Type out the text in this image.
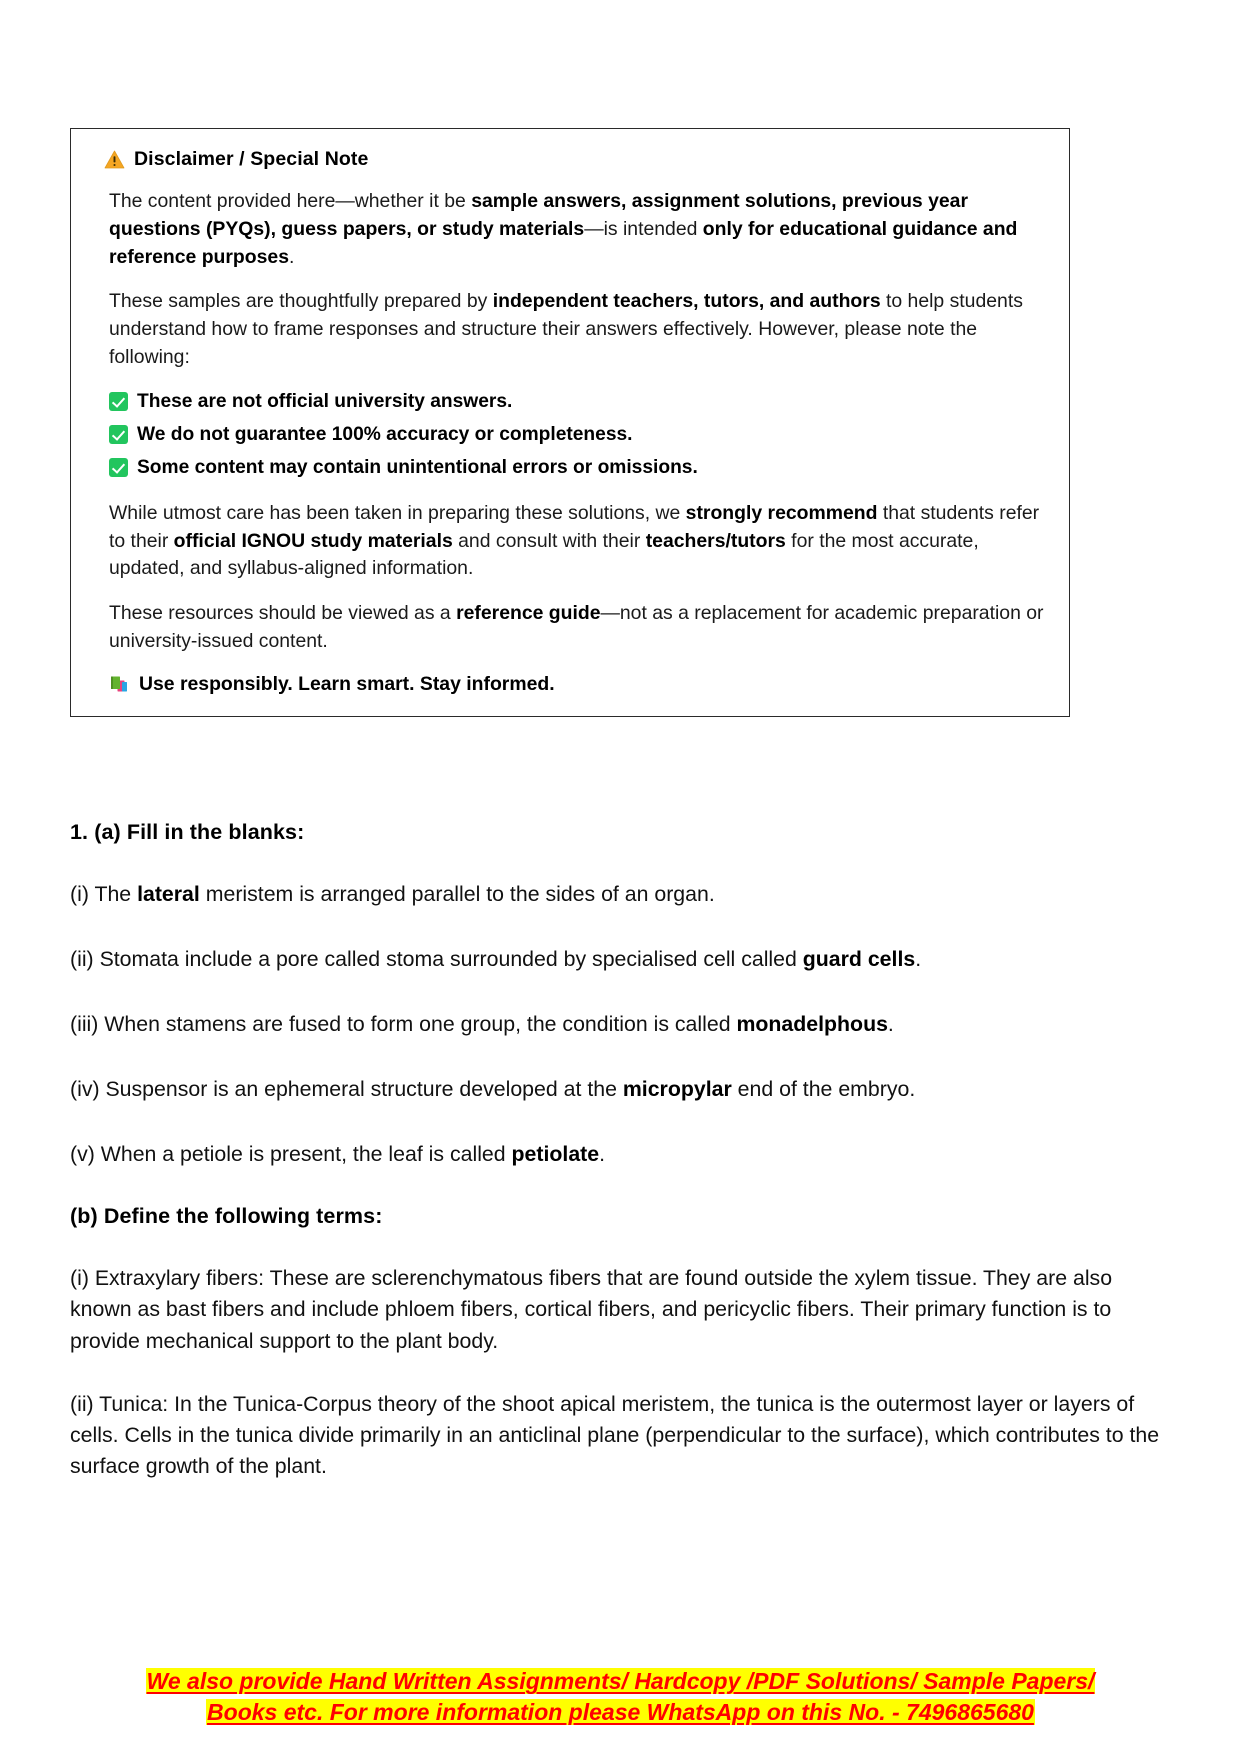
Disclaimer / Special Note

The content provided here—whether it be sample answers, assignment solutions, previous year questions (PYQs), guess papers, or study materials—is intended only for educational guidance and reference purposes.

These samples are thoughtfully prepared by independent teachers, tutors, and authors to help students understand how to frame responses and structure their answers effectively. However, please note the following:

These are not official university answers.
We do not guarantee 100% accuracy or completeness.
Some content may contain unintentional errors or omissions.

While utmost care has been taken in preparing these solutions, we strongly recommend that students refer to their official IGNOU study materials and consult with their teachers/tutors for the most accurate, updated, and syllabus-aligned information.

These resources should be viewed as a reference guide—not as a replacement for academic preparation or university-issued content.

Use responsibly. Learn smart. Stay informed.
1. (a) Fill in the blanks:

(i) The lateral meristem is arranged parallel to the sides of an organ.

(ii) Stomata include a pore called stoma surrounded by specialised cell called guard cells.

(iii) When stamens are fused to form one group, the condition is called monadelphous.

(iv) Suspensor is an ephemeral structure developed at the micropylar end of the embryo.

(v) When a petiole is present, the leaf is called petiolate.

(b) Define the following terms:

(i) Extraxylary fibers: These are sclerenchymatous fibers that are found outside the xylem tissue. They are also known as bast fibers and include phloem fibers, cortical fibers, and pericyclic fibers. Their primary function is to provide mechanical support to the plant body.

(ii) Tunica: In the Tunica-Corpus theory of the shoot apical meristem, the tunica is the outermost layer or layers of cells. Cells in the tunica divide primarily in an anticlinal plane (perpendicular to the surface), which contributes to the surface growth of the plant.

We also provide Hand Written Assignments/ Hardcopy /PDF Solutions/ Sample Papers/
Books etc. For more information please WhatsApp on this No. - 7496865680
